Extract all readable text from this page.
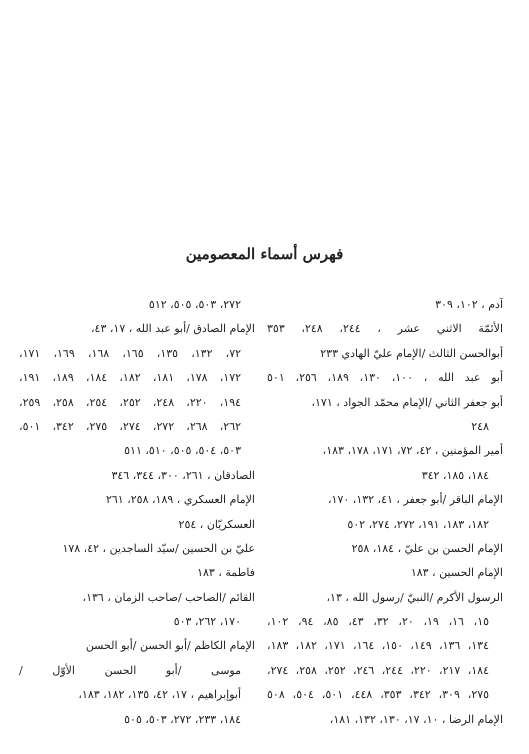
فهرس أسماء المعصومين
آدم ، ١٠٢، ٣٠٩
الأئمّة الاثني عشر ، ٢٤٤، ٢٤٨، ٣٥٣
أبوالحسن الثالث /الإمام عليّ الهادي ٢٣٣
أبو عبد الله ، ١٠٠، ١٣٠، ١٨٩، ٢٥٦، ٥٠١
أبو جعفر الثاني /الإمام محمّد الجواد ، ١٧١،
٢٤٨
أمير المؤمنين ، ٤٢، ٧٢، ١٧١، ١٧٨، ١٨٣،
١٨٤، ١٨٥، ٣٤٢
الإمام الباقر /أبو جعفر ، ٤١، ١٣٢، ١٧٠،
١٨٢، ١٨٣، ١٩١، ٢٧٢، ٢٧٤، ٥٠٢
الإمام الحسن بن عليّ ، ١٨٤، ٢٥٨
الإمام الحسين ، ١٨٣
الرسول الأكرم /النبيّ /رسول الله ، ١٣،
١٥، ١٦، ١٩، ٢٠، ٣٢، ٤٣، ٨٥، ٩٤، ١٠٢،
١٣٤، ١٣٦، ١٤٩، ١٥٠، ١٦٤، ١٧١، ١٨٢، ١٨٣،
١٨٤، ٢١٧، ٢٢٠، ٢٤٤، ٢٤٦، ٢٥٢، ٢٥٨، ٢٧٤،
٢٧٥، ٣٠٩، ٣٤٢، ٣٥٣، ٤٤٨، ٥٠١، ٥٠٤، ٥٠٨
الإمام الرضا ، ١٠، ١٧، ١٣٠، ١٣٢، ١٨١،
٢٧٢، ٥٠٣، ٥٠٥، ٥١٢
الإمام الصادق /أبو عبد الله ، ١٧، ٤٣،
٧٢، ١٣٢، ١٣٥، ١٦٥، ١٦٨، ١٦٩، ١٧١،
١٧٢، ١٧٨، ١٨١، ١٨٢، ١٨٤، ١٨٩، ١٩١،
١٩٤، ٢٢٠، ٢٤٨، ٢٥٢، ٢٥٤، ٢٥٨، ٢٥٩،
٢٦٢، ٢٦٨، ٢٧٢، ٢٧٤، ٢٧٥، ٣٤٢، ٥٠١،
٥٠٣، ٥٠٤، ٥٠٥، ٥١٠، ٥١١
الصادقان ، ٢٦١، ٣٠٠، ٣٤٤، ٣٤٦
الإمام العسكري ، ١٨٩، ٢٥٨، ٢٦١
العسكريّان ، ٢٥٤
عليّ بن الحسين /سيّد الساجدين ، ٤٢، ١٧٨
فاطمة ، ١٨٣
القائم /الصاحب /صاحب الزمان ، ١٣٦،
١٧٠، ٢٦٢، ٥٠٣
الإمام الكاظم /أبو الحسن /أبو الحسن
موسى /أبو الحسن الأوّل /
أبوإبراهيم ، ١٧، ٤٢، ١٣٥، ١٨٢، ١٨٣،
١٨٤، ٢٣٣، ٢٧٢، ٥٠٣، ٥٠٥
